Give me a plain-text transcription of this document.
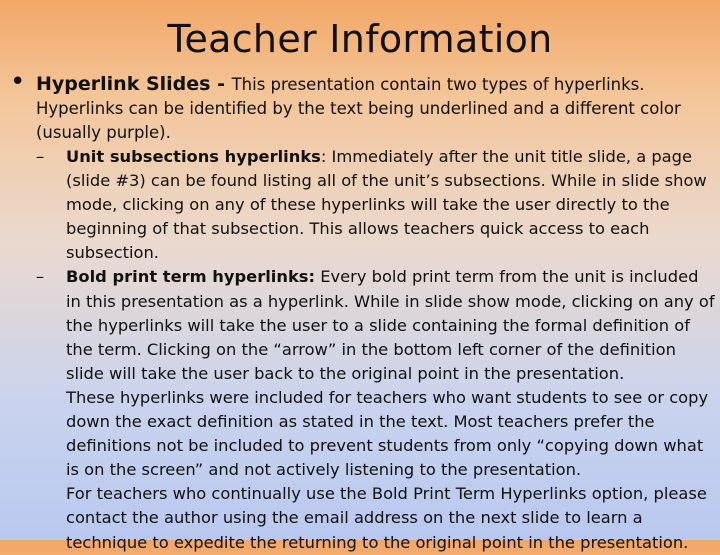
Teacher Information
• Hyperlink Slides - This presentation contain two types of hyperlinks. Hyperlinks can be identified by the text being underlined and a different color (usually purple).
– Unit subsections hyperlinks: Immediately after the unit title slide, a page (slide #3) can be found listing all of the unit’s subsections. While in slide show mode, clicking on any of these hyperlinks will take the user directly to the beginning of that subsection. This allows teachers quick access to each subsection.
– Bold print term hyperlinks: Every bold print term from the unit is included in this presentation as a hyperlink. While in slide show mode, clicking on any of the hyperlinks will take the user to a slide containing the formal definition of the term. Clicking on the “arrow” in the bottom left corner of the definition slide will take the user back to the original point in the presentation.
These hyperlinks were included for teachers who want students to see or copy down the exact definition as stated in the text. Most teachers prefer the definitions not be included to prevent students from only “copying down what is on the screen” and not actively listening to the presentation.
For teachers who continually use the Bold Print Term Hyperlinks option, please contact the author using the email address on the next slide to learn a technique to expedite the returning to the original point in the presentation.
